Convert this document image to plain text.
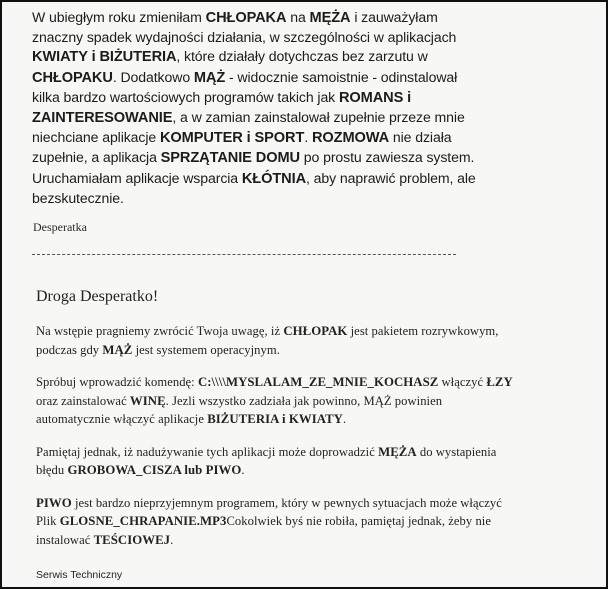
W ubiegłym roku zmieniłam CHŁOPAKA na MĘŻA i zauważyłam
znaczny spadek wydajności działania, w szczególności w aplikacjach
KWIATY i BIŻUTERIA, które działały dotychczas bez zarzutu w
CHŁOPAKU. Dodatkowo MĄŻ - widocznie samoistnie - odinstalował
kilka bardzo wartościowych programów takich jak ROMANS i
ZAINTERESOWANIE, a w zamian zainstalował zupełnie przeze mnie
niechciane aplikacje KOMPUTER i SPORT. ROZMOWA nie działa
zupełnie, a aplikacja SPRZĄTANIE DOMU po prostu zawiesza system.
Uruchamiałam aplikacje wsparcia KŁÓTNIA, aby naprawić problem, ale
bezskutecznie.
Desperatka
Droga Desperatko!
Na wstępie pragniemy zwrócić Twoja uwagę, iż CHŁOPAK jest pakietem rozrywkowym,
podczas gdy MĄŻ jest systemem operacyjnym.
Spróbuj wprowadzić komendę: C:\\\\MYSLALAM_ZE_MNIE_KOCHASZ włączyć ŁZY
oraz zainstalować WINĘ. Jezli wszystko zadziała jak powinno, MĄŻ powinien
automatycznie włączyć aplikacje BIŻUTERIA i KWIATY.
Pamiętaj jednak, iż nadużywanie tych aplikacji może doprowadzić MĘŻA do wystapienia
błędu GROBOWA_CISZA lub PIWO.
PIWO jest bardzo nieprzyjemnym programem, który w pewnych sytuacjach może włączyć
Plik GLOSNE_CHRAPANIE.MP3Cokolwiek byś nie robiła, pamiętaj jednak, żeby nie
instalować TEŚCIOWEJ.
Serwis Techniczny
